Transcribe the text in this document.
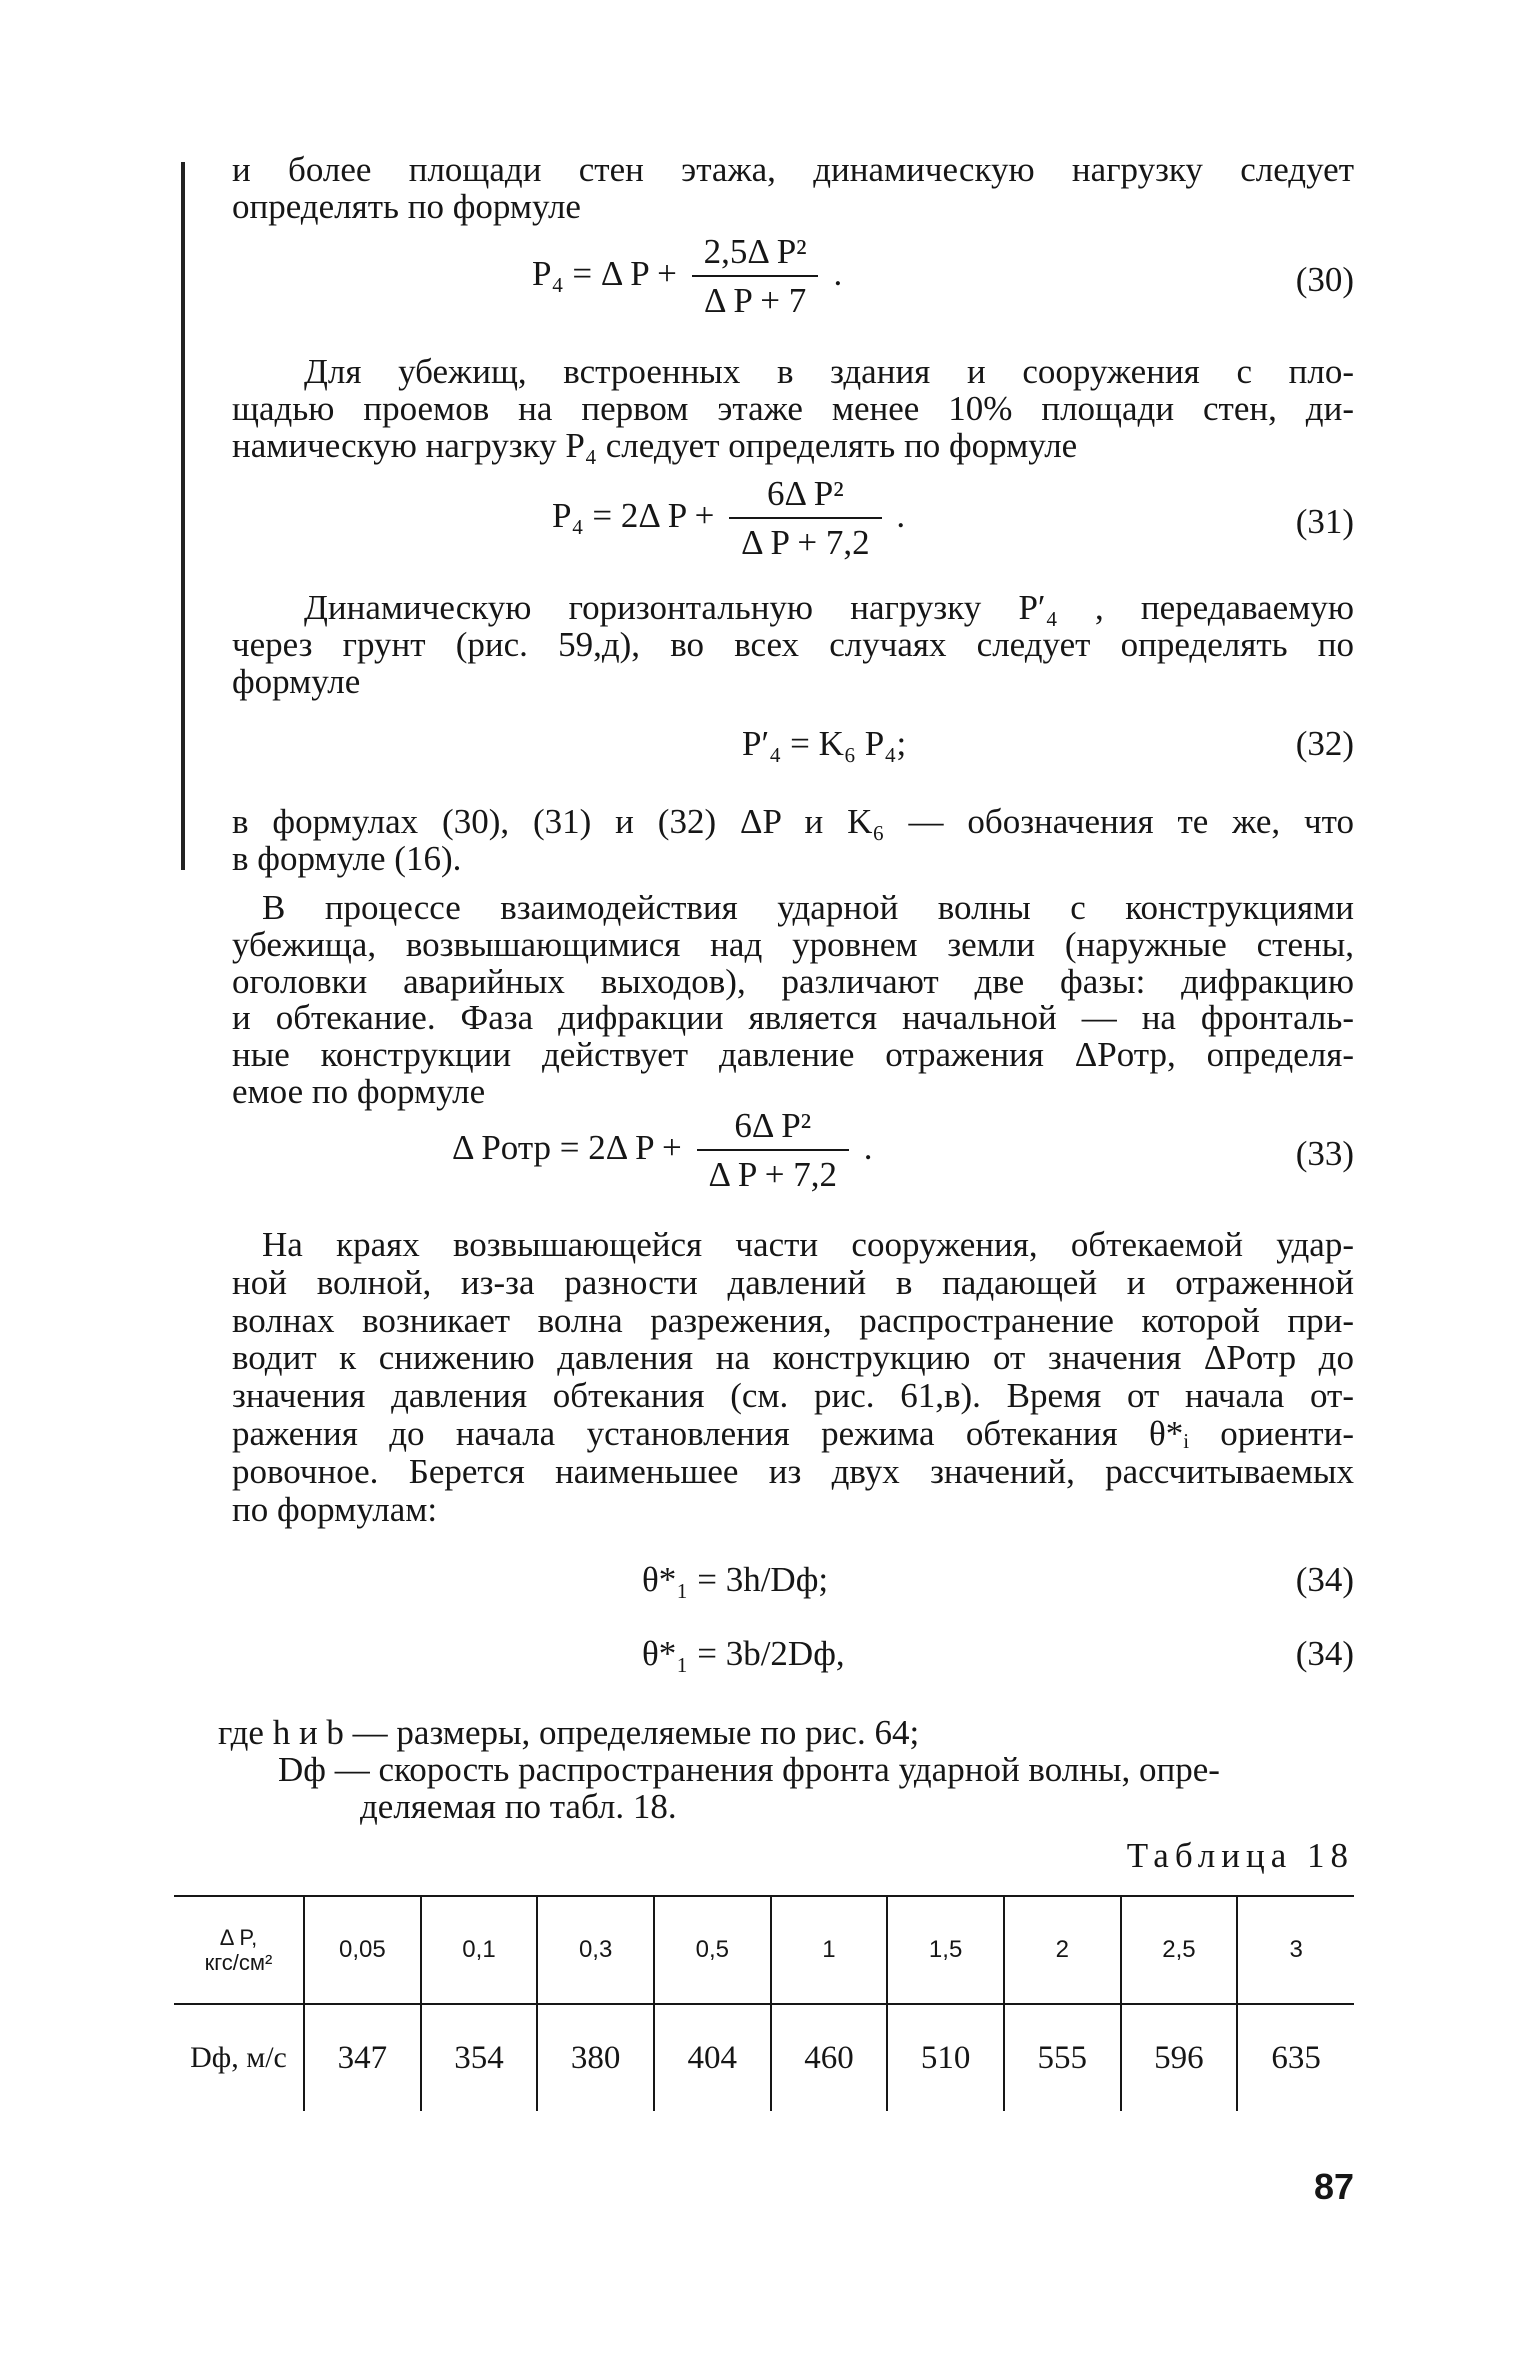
и более площади стен этажа, динамическую нагрузку следует
определять по формуле
P₄ = Δ $P + \frac{\text{2,5Δ P²}}{\text{Δ P + 7}}$ .	(30)
Для убежищ, встроенных в здания и сооружения с пло-
щадью проемов на первом этаже менее 10% площади стен, ди-
намическую нагрузку P₄ следует определять по формуле
P₄ = 2Δ $P + \frac{\text{6Δ P²}}{\text{Δ P + 7,2}}$ .	(31)
Динамическую горизонтальную нагрузку P′₄ , передаваемую
через грунт (рис. 59,д), во всех случаях следует определять по
формуле
P′₄ = K₆ P₄;	(32)
в формулах (30), (31) и (32) ΔP и K₆ — обозначения те же, что
в формуле (16).
В процессе взаимодействия ударной волны с конструкциями
убежища, возвышающимися над уровнем земли (наружные стены,
оголовки аварийных выходов), различают две фазы: дифракцию
и обтекание. Фаза дифракции является начальной — на фронталь-
ные конструкции действует давление отражения ΔPотр, определя-
емое по формуле
Δ Pотр = 2Δ $P + \frac{\text{6Δ P²}}{\text{Δ P + 7,2}}$ .	(33)
На краях возвышающейся части сооружения, обтекаемой удар-
ной волной, из-за разности давлений в падающей и отраженной
волнах возникает волна разрежения, распространение которой при-
водит к снижению давления на конструкцию от значения ΔPотр до
значения давления обтекания (см. рис. 61,в). Время от начала от-
ражения до начала установления режима обтекания θ*ᵢ ориенти-
ровочное. Берется наименьшее из двух значений, рассчитываемых
по формулам:
θ*₁ = 3h/Dф;	(34)
θ*₁ = 3b/2Dф,	(34)
где h и b — размеры, определяемые по рис. 64;
Dф — скорость распространения фронта ударной волны, опре-
деляемая по табл. 18.
Таблица 18
Δ P,
кгс/см²	0,05	0,1	0,3	0,5	1	1,5	2	2,5	3
Dф, м/с	347	354	380	404	460	510	555	596	635
87
